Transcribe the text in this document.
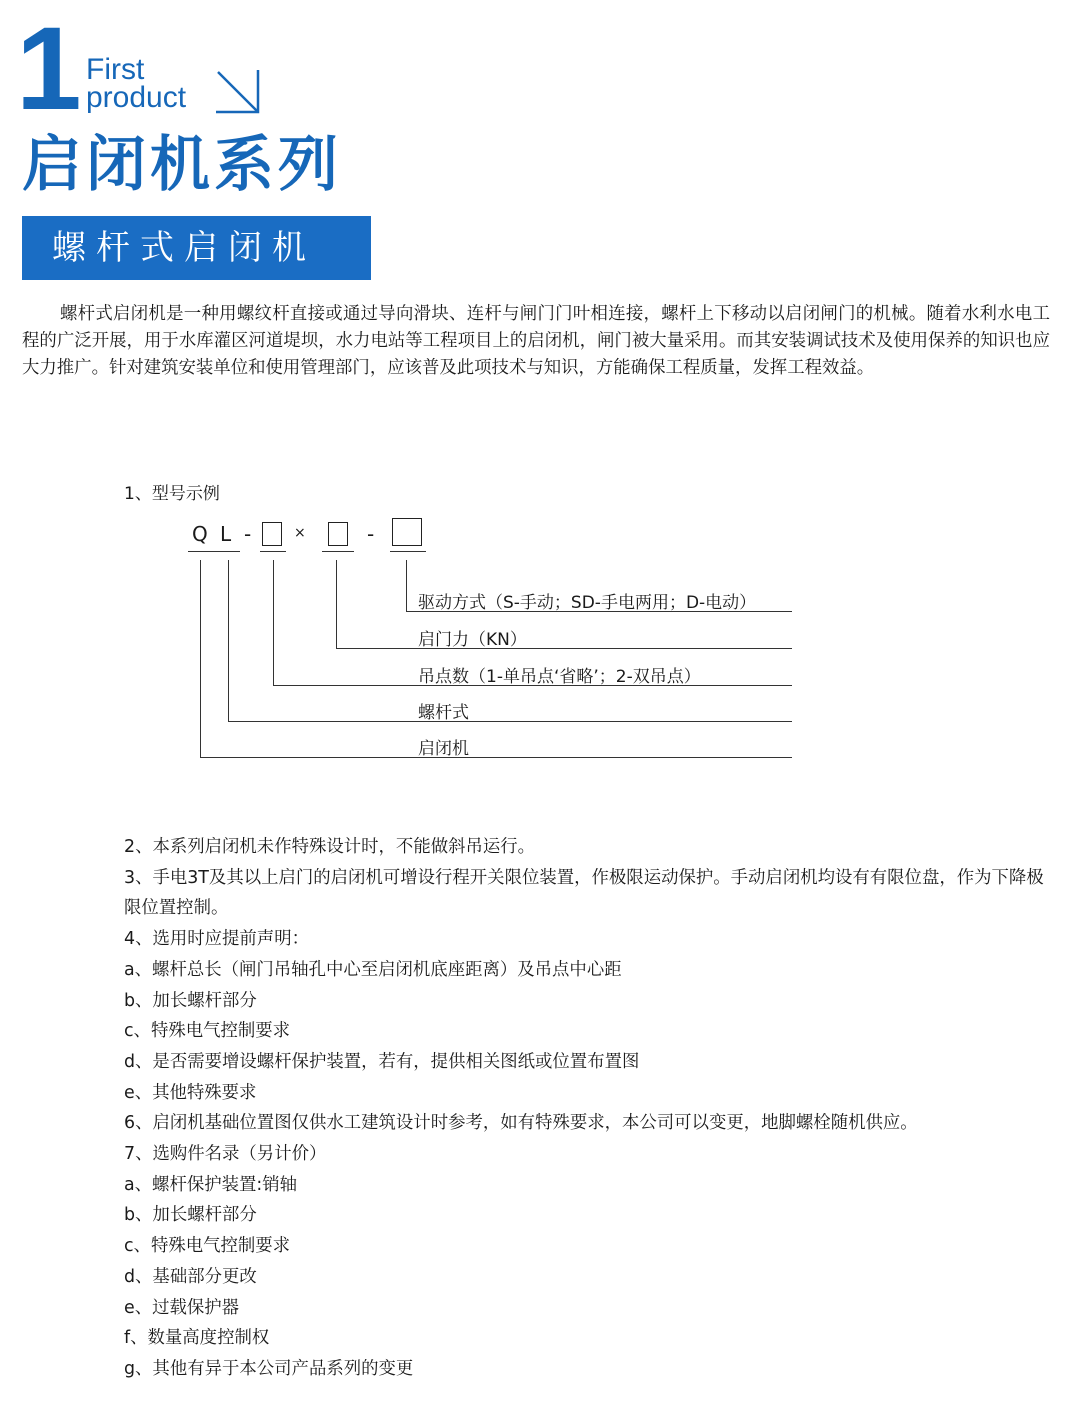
1 First
product
启闭机系列
螺杆式启闭机
螺杆式启闭机是一种用螺纹杆直接或通过导向滑块、连杆与闸门门叶相连接，螺杆上下移动以启闭闸门的机械。随着水利水电工程的广泛开展，用于水库灌区河道堤坝，水力电站等工程项目上的启闭机，闸门被大量采用。而其安装调试技术及使用保养的知识也应大力推广。针对建筑安装单位和使用管理部门，应该普及此项技术与知识，方能确保工程质量，发挥工程效益。
1、型号示例
Q L -	×	-
驱动方式（S-手动；SD-手电两用；D-电动）
启门力（KN）
吊点数（1-单吊点‘省略’；2-双吊点）
螺杆式
启闭机

2、本系列启闭机未作特殊设计时，不能做斜吊运行。

3、手电3T及其以上启门的启闭机可增设行程开关限位装置，作极限运动保护。手动启闭机均设有有限位盘，作为下降极限位置控制。

4、选用时应提前声明：

a、螺杆总长（闸门吊轴孔中心至启闭机底座距离）及吊点中心距

b、加长螺杆部分

c、特殊电气控制要求

d、是否需要增设螺杆保护装置，若有，提供相关图纸或位置布置图

e、其他特殊要求

6、启闭机基础位置图仅供水工建筑设计时参考，如有特殊要求，本公司可以变更，地脚螺栓随机供应。

7、选购件名录（另计价）

a、螺杆保护装置:销轴

b、加长螺杆部分

c、特殊电气控制要求

d、基础部分更改

e、过载保护器

f、数量高度控制权

g、其他有异于本公司产品系列的变更
